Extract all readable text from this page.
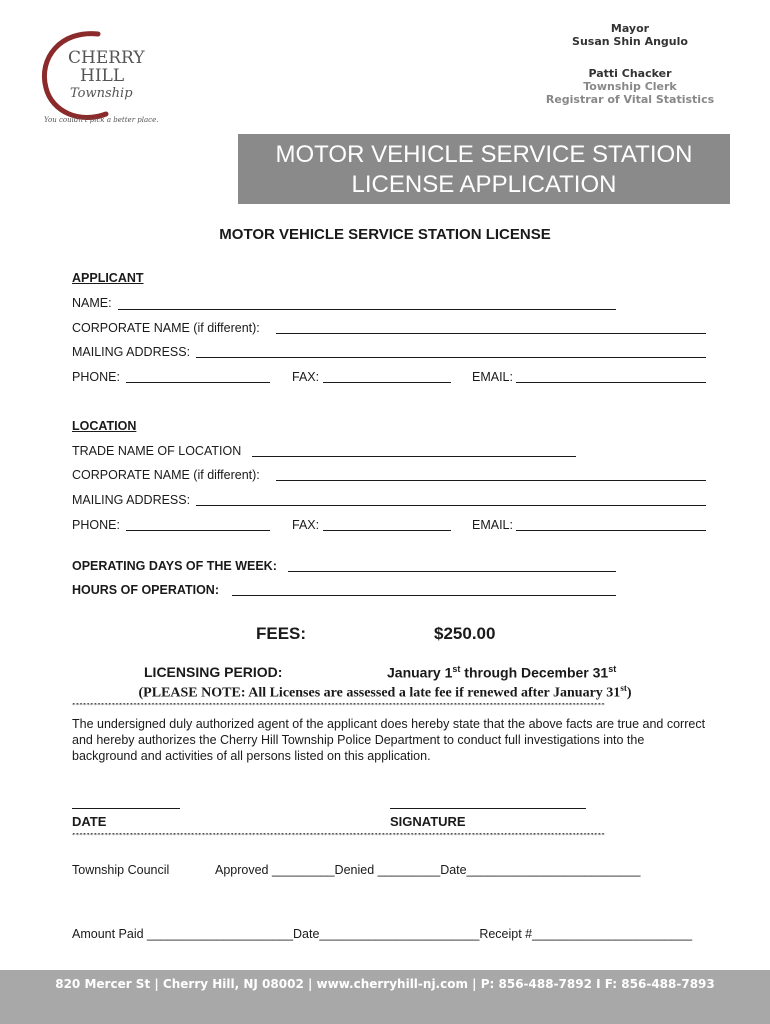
CHERRY
HILL
Township
You couldn't pick a better place.
Mayor
Susan Shin Angulo
Patti Chacker
Township Clerk
Registrar of Vital Statistics
MOTOR VEHICLE SERVICE STATION
LICENSE APPLICATION
MOTOR VEHICLE SERVICE STATION LICENSE
APPLICANT
NAME:
CORPORATE NAME (if different):
MAILING ADDRESS:
PHONE:	FAX:	EMAIL:
LOCATION
TRADE NAME OF LOCATION
CORPORATE NAME (if different):
MAILING ADDRESS:
PHONE:	FAX:	EMAIL:
OPERATING DAYS OF THE WEEK:
HOURS OF OPERATION:
FEES:	$250.00
LICENSING PERIOD:	January 1st through December 31st
(PLEASE NOTE: All Licenses are assessed a late fee if renewed after January 31st)
****************************************************************************************************************************************************
The undersigned duly authorized agent of the applicant does hereby state that the above facts are true and correct and hereby authorizes the Cherry Hill Township Police Department to conduct full investigations into the background and activities of all persons listed on this application.
DATE	SIGNATURE
****************************************************************************************************************************************************
Township Council	Approved _________Denied _________Date_________________________
Amount Paid _____________________Date_______________________Receipt #_______________________
820 Mercer St | Cherry Hill, NJ 08002 | www.cherryhill-nj.com | P: 856-488-7892 I F: 856-488-7893
